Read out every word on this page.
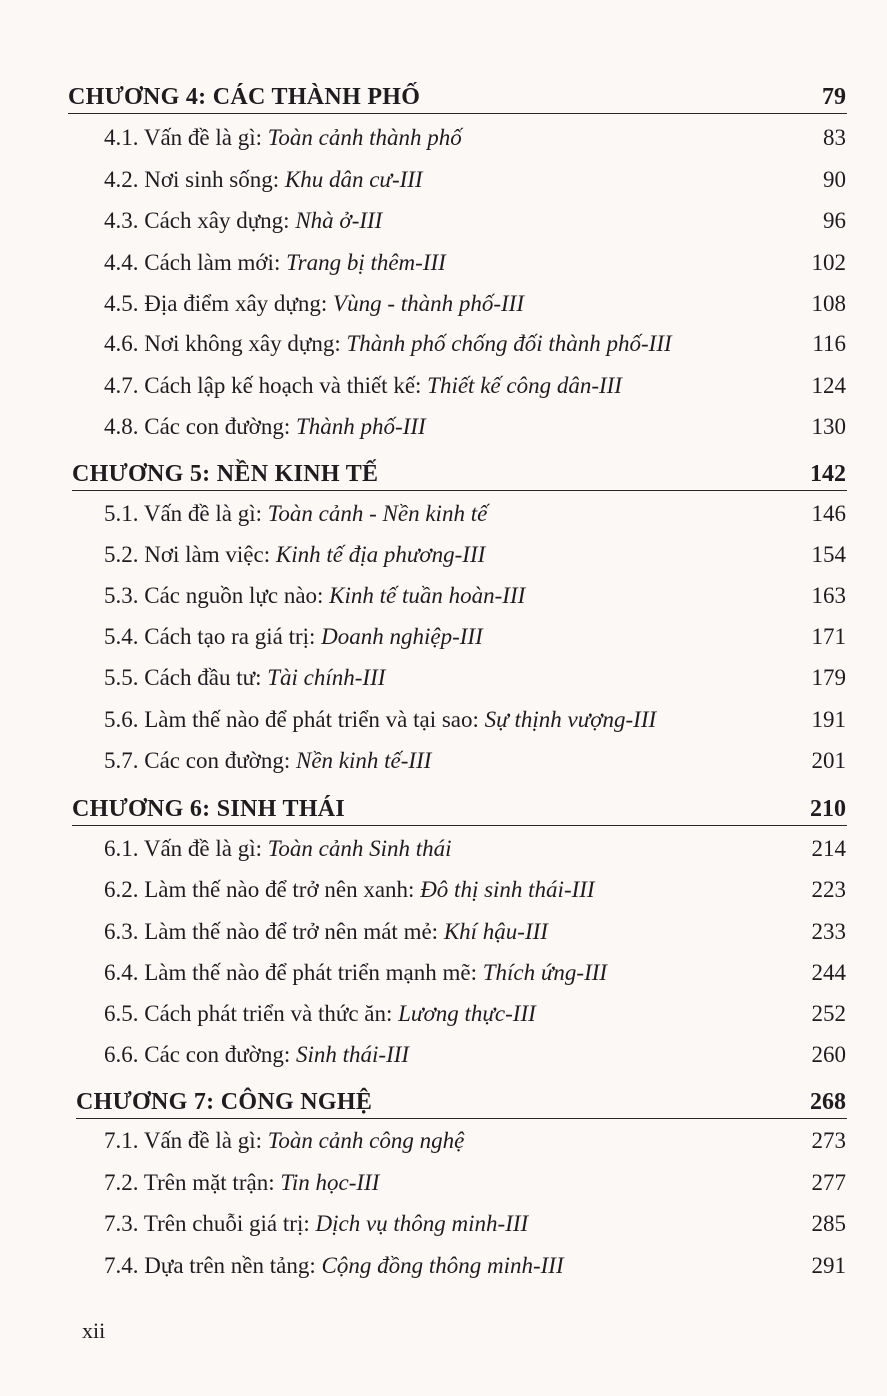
CHƯƠNG 4: CÁC THÀNH PHỐ	79
4.1. Vấn đề là gì: Toàn cảnh thành phố	83
4.2. Nơi sinh sống: Khu dân cư-III	90
4.3. Cách xây dựng: Nhà ở-III	96
4.4. Cách làm mới: Trang bị thêm-III	102
4.5. Địa điểm xây dựng: Vùng - thành phố-III	108
4.6. Nơi không xây dựng: Thành phố chống đối thành phố-III	116
4.7. Cách lập kế hoạch và thiết kế: Thiết kế công dân-III	124
4.8. Các con đường: Thành phố-III	130
CHƯƠNG 5: NỀN KINH TẾ	142
5.1. Vấn đề là gì: Toàn cảnh - Nền kinh tế	146
5.2. Nơi làm việc: Kinh tế địa phương-III	154
5.3. Các nguồn lực nào: Kinh tế tuần hoàn-III	163
5.4. Cách tạo ra giá trị: Doanh nghiệp-III	171
5.5. Cách đầu tư: Tài chính-III	179
5.6. Làm thế nào để phát triển và tại sao: Sự thịnh vượng-III	191
5.7. Các con đường: Nền kinh tế-III	201
CHƯƠNG 6: SINH THÁI	210
6.1. Vấn đề là gì: Toàn cảnh Sinh thái	214
6.2. Làm thế nào để trở nên xanh: Đô thị sinh thái-III	223
6.3. Làm thế nào để trở nên mát mẻ: Khí hậu-III	233
6.4. Làm thế nào để phát triển mạnh mẽ: Thích ứng-III	244
6.5. Cách phát triển và thức ăn: Lương thực-III	252
6.6. Các con đường: Sinh thái-III	260
CHƯƠNG 7: CÔNG NGHỆ	268
7.1. Vấn đề là gì: Toàn cảnh công nghệ	273
7.2. Trên mặt trận: Tin học-III	277
7.3. Trên chuỗi giá trị: Dịch vụ thông minh-III	285
7.4. Dựa trên nền tảng: Cộng đồng thông minh-III	291
xii
